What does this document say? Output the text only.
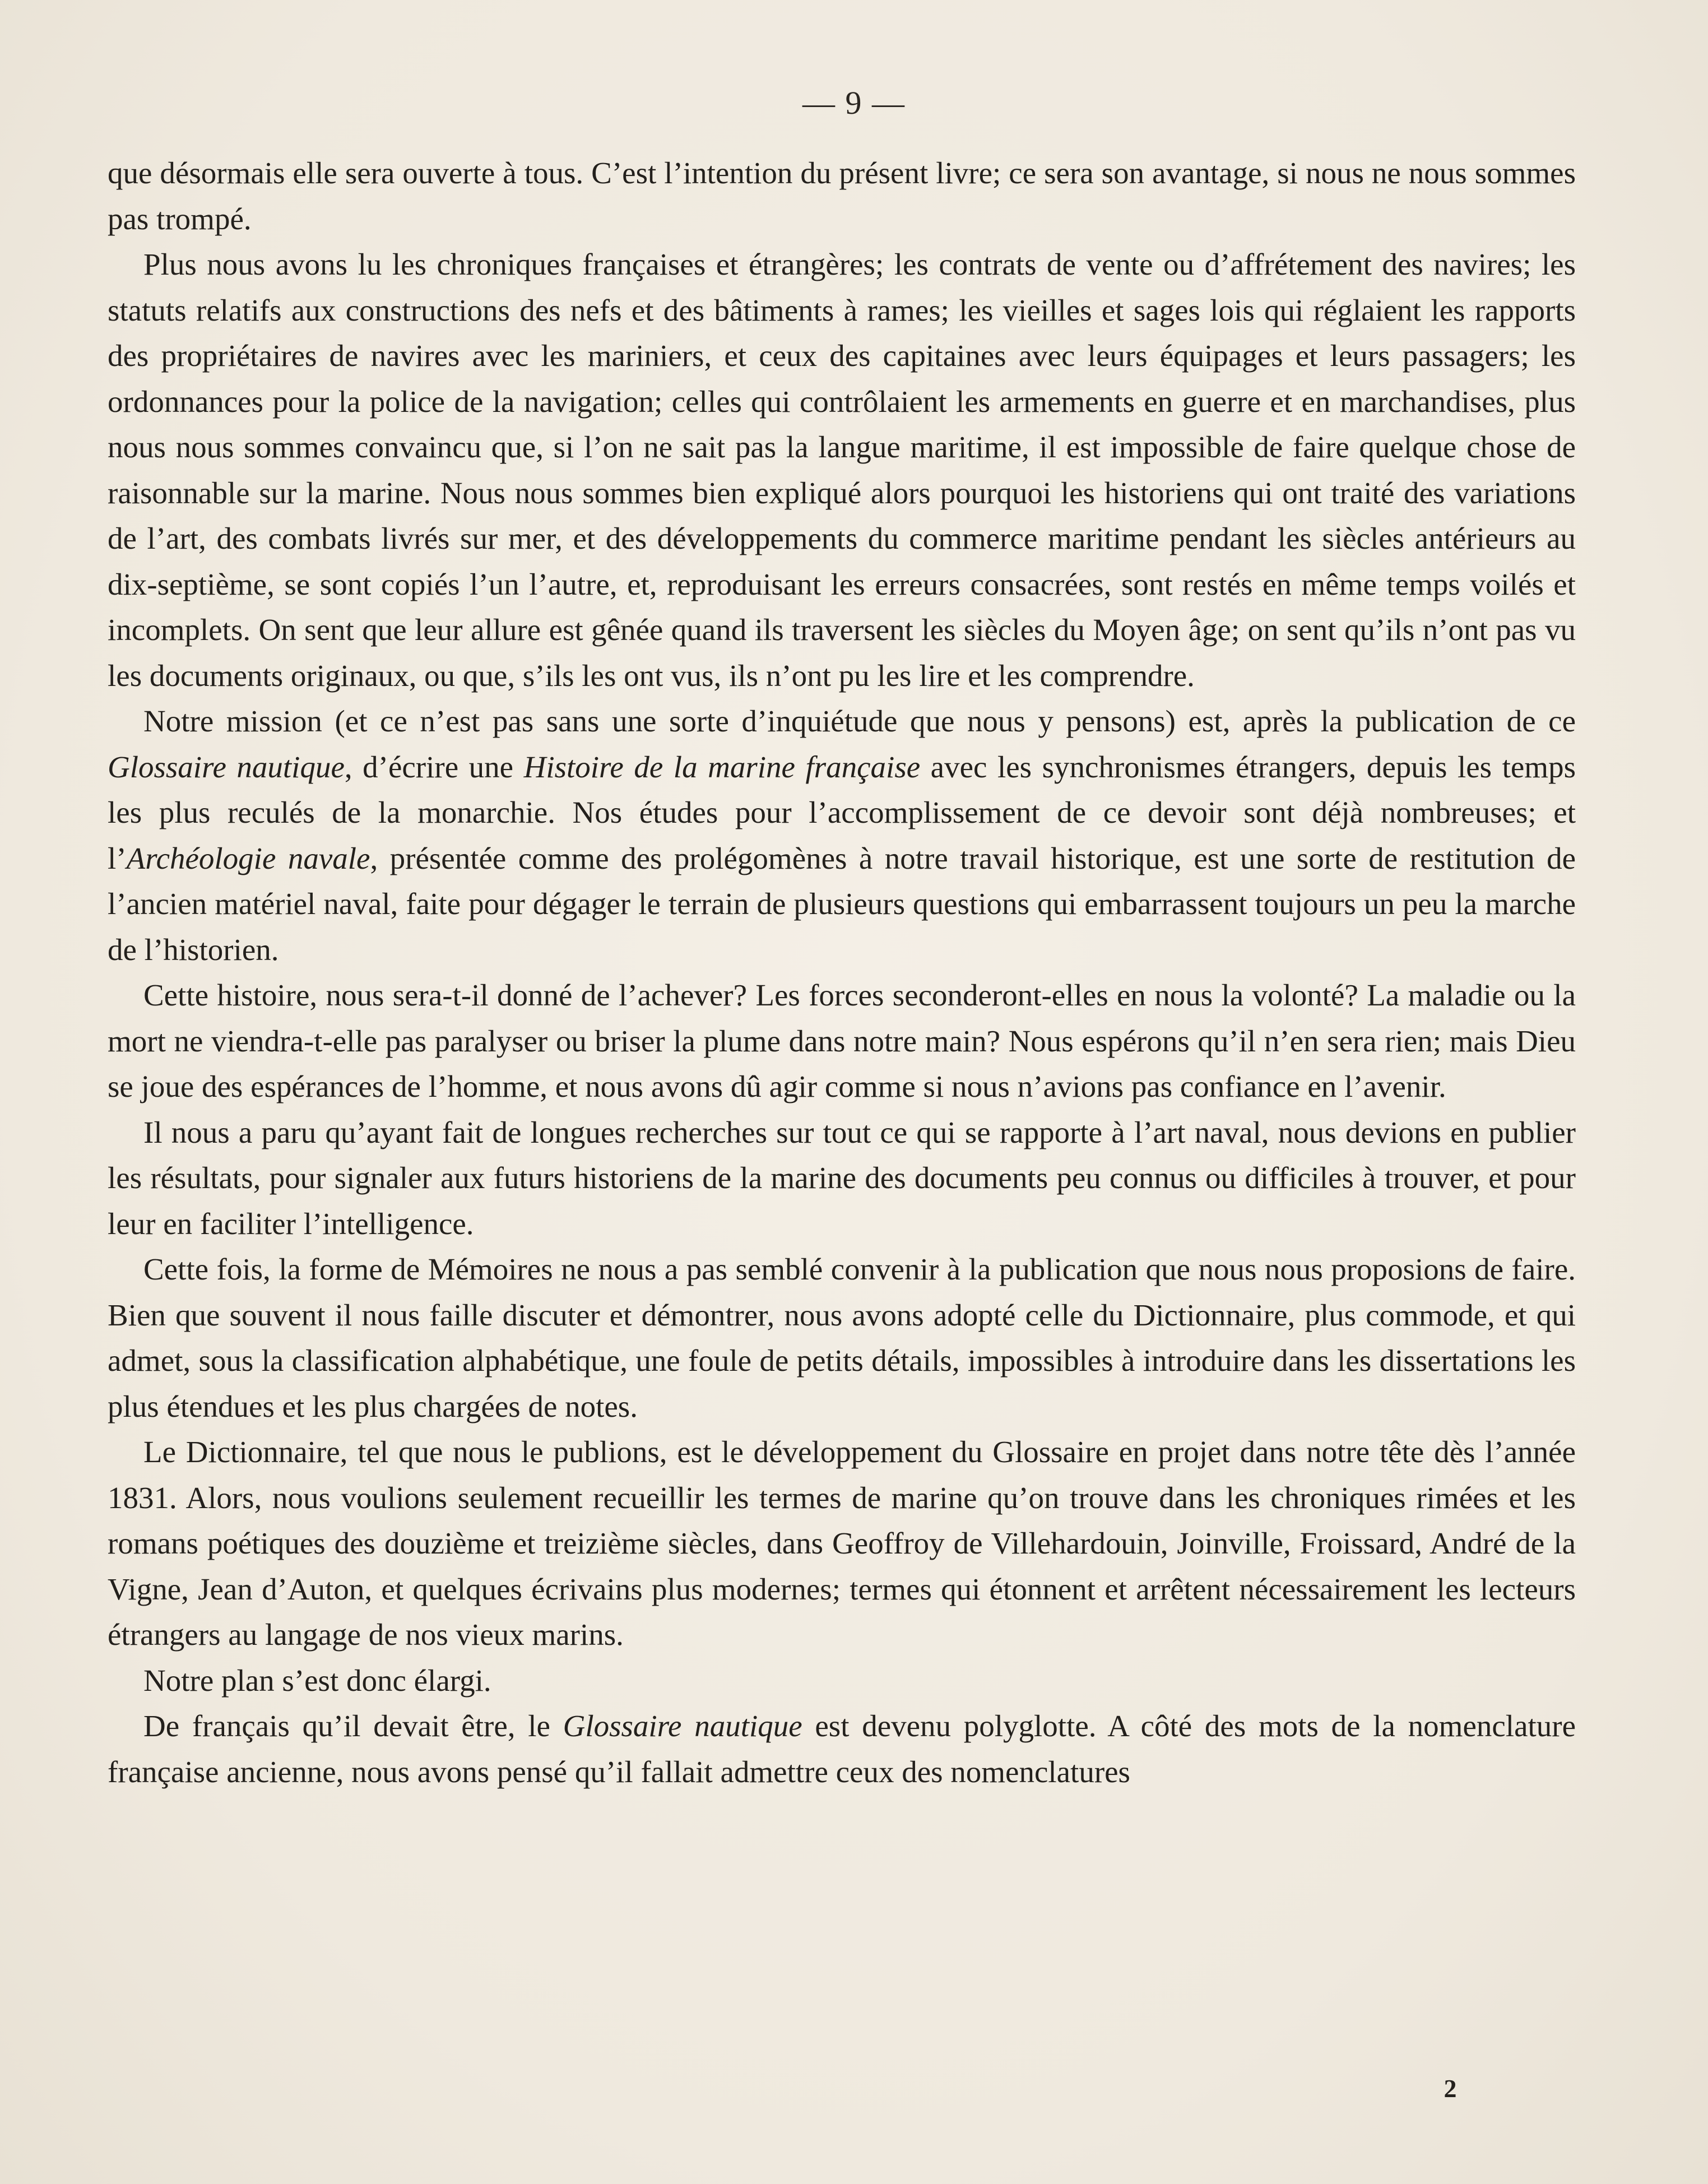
— 9 —

que désormais elle sera ouverte à tous. C’est l’intention du présent livre; ce sera son avantage, si nous ne nous sommes pas trompé.

Plus nous avons lu les chroniques françaises et étrangères; les contrats de vente ou d’affrétement des navires; les statuts relatifs aux constructions des nefs et des bâtiments à rames; les vieilles et sages lois qui réglaient les rapports des propriétaires de navires avec les mariniers, et ceux des capitaines avec leurs équipages et leurs passagers; les ordonnances pour la police de la navigation; celles qui contrôlaient les armements en guerre et en marchandises, plus nous nous sommes convaincu que, si l’on ne sait pas la langue maritime, il est impossible de faire quelque chose de raisonnable sur la marine. Nous nous sommes bien expliqué alors pourquoi les historiens qui ont traité des variations de l’art, des combats livrés sur mer, et des développements du commerce maritime pendant les siècles antérieurs au dix-septième, se sont copiés l’un l’autre, et, reproduisant les erreurs consacrées, sont restés en même temps voilés et incomplets. On sent que leur allure est gênée quand ils traversent les siècles du Moyen âge; on sent qu’ils n’ont pas vu les documents originaux, ou que, s’ils les ont vus, ils n’ont pu les lire et les comprendre.

Notre mission (et ce n’est pas sans une sorte d’inquiétude que nous y pensons) est, après la publication de ce Glossaire nautique, d’écrire une Histoire de la marine française avec les synchronismes étrangers, depuis les temps les plus reculés de la monarchie. Nos études pour l’accomplissement de ce devoir sont déjà nombreuses; et l’Archéologie navale, présentée comme des prolégomènes à notre travail historique, est une sorte de restitution de l’ancien matériel naval, faite pour dégager le terrain de plusieurs questions qui embarrassent toujours un peu la marche de l’historien.

Cette histoire, nous sera-t-il donné de l’achever? Les forces seconderont-elles en nous la volonté? La maladie ou la mort ne viendra-t-elle pas paralyser ou briser la plume dans notre main? Nous espérons qu’il n’en sera rien; mais Dieu se joue des espérances de l’homme, et nous avons dû agir comme si nous n’avions pas confiance en l’avenir.

Il nous a paru qu’ayant fait de longues recherches sur tout ce qui se rapporte à l’art naval, nous devions en publier les résultats, pour signaler aux futurs historiens de la marine des documents peu connus ou difficiles à trouver, et pour leur en faciliter l’intelligence.

Cette fois, la forme de Mémoires ne nous a pas semblé convenir à la publication que nous nous proposions de faire. Bien que souvent il nous faille discuter et démontrer, nous avons adopté celle du Dictionnaire, plus commode, et qui admet, sous la classification alphabétique, une foule de petits détails, impossibles à introduire dans les dissertations les plus étendues et les plus chargées de notes.

Le Dictionnaire, tel que nous le publions, est le développement du Glossaire en projet dans notre tête dès l’année 1831. Alors, nous voulions seulement recueillir les termes de marine qu’on trouve dans les chroniques rimées et les romans poétiques des douzième et treizième siècles, dans Geoffroy de Villehardouin, Joinville, Froissard, André de la Vigne, Jean d’Auton, et quelques écrivains plus modernes; termes qui étonnent et arrêtent nécessairement les lecteurs étrangers au langage de nos vieux marins.

Notre plan s’est donc élargi.

De français qu’il devait être, le Glossaire nautique est devenu polyglotte. A côté des mots de la nomenclature française ancienne, nous avons pensé qu’il fallait admettre ceux des nomenclatures

2
